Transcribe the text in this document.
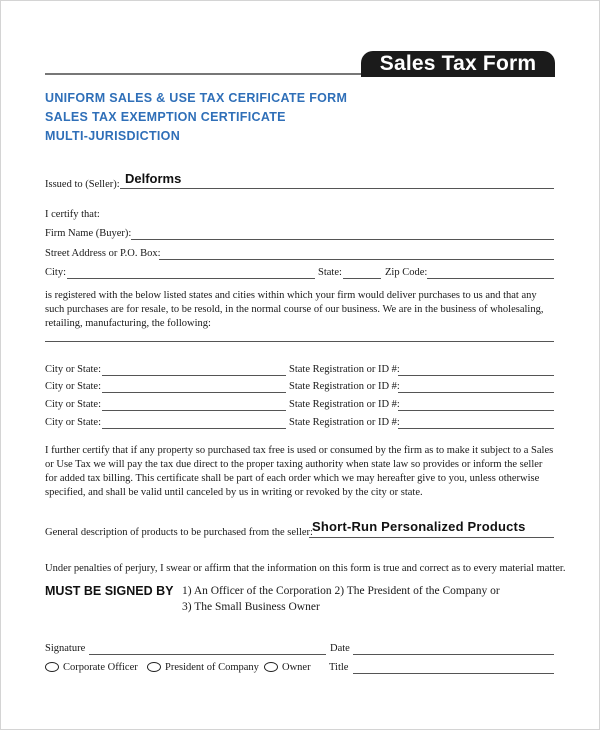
Sales Tax Form
UNIFORM SALES & USE TAX CERIFICATE FORM
SALES TAX EXEMPTION CERTIFICATE
MULTI-JURISDICTION
Issued to (Seller): Delforms
I certify that:
Firm Name (Buyer):
Street Address or P.O. Box:
City:	State:	Zip Code:
is registered with the below listed states and cities within which your firm would deliver purchases to us and that any such purchases are for resale, to be resold, in the normal course of our business. We are in the business of wholesaling, retailing, manufacturing, the following:
City or State:	State Registration or ID #:
City or State:	State Registration or ID #:
City or State:	State Registration or ID #:
City or State:	State Registration or ID #:
I further certify that if any property so purchased tax free is used or consumed by the firm as to make it subject to a Sales or Use Tax we will pay the tax due direct to the proper taxing authority when state law so provides or inform the seller for added tax billing. This certificate shall be part of each order which we may hereafter give to you, unless otherwise specified, and shall be valid until canceled by us in writing or revoked by the city or state.
General description of products to be purchased from the seller: Short-Run Personalized Products
Under penalties of perjury, I swear or affirm that the information on this form is true and correct as to every material matter.
MUST BE SIGNED BY 1) An Officer of the Corporation 2) The President of the Company or
3) The Small Business Owner
Signature	Date
Corporate Officer	President of Company	Owner Title
